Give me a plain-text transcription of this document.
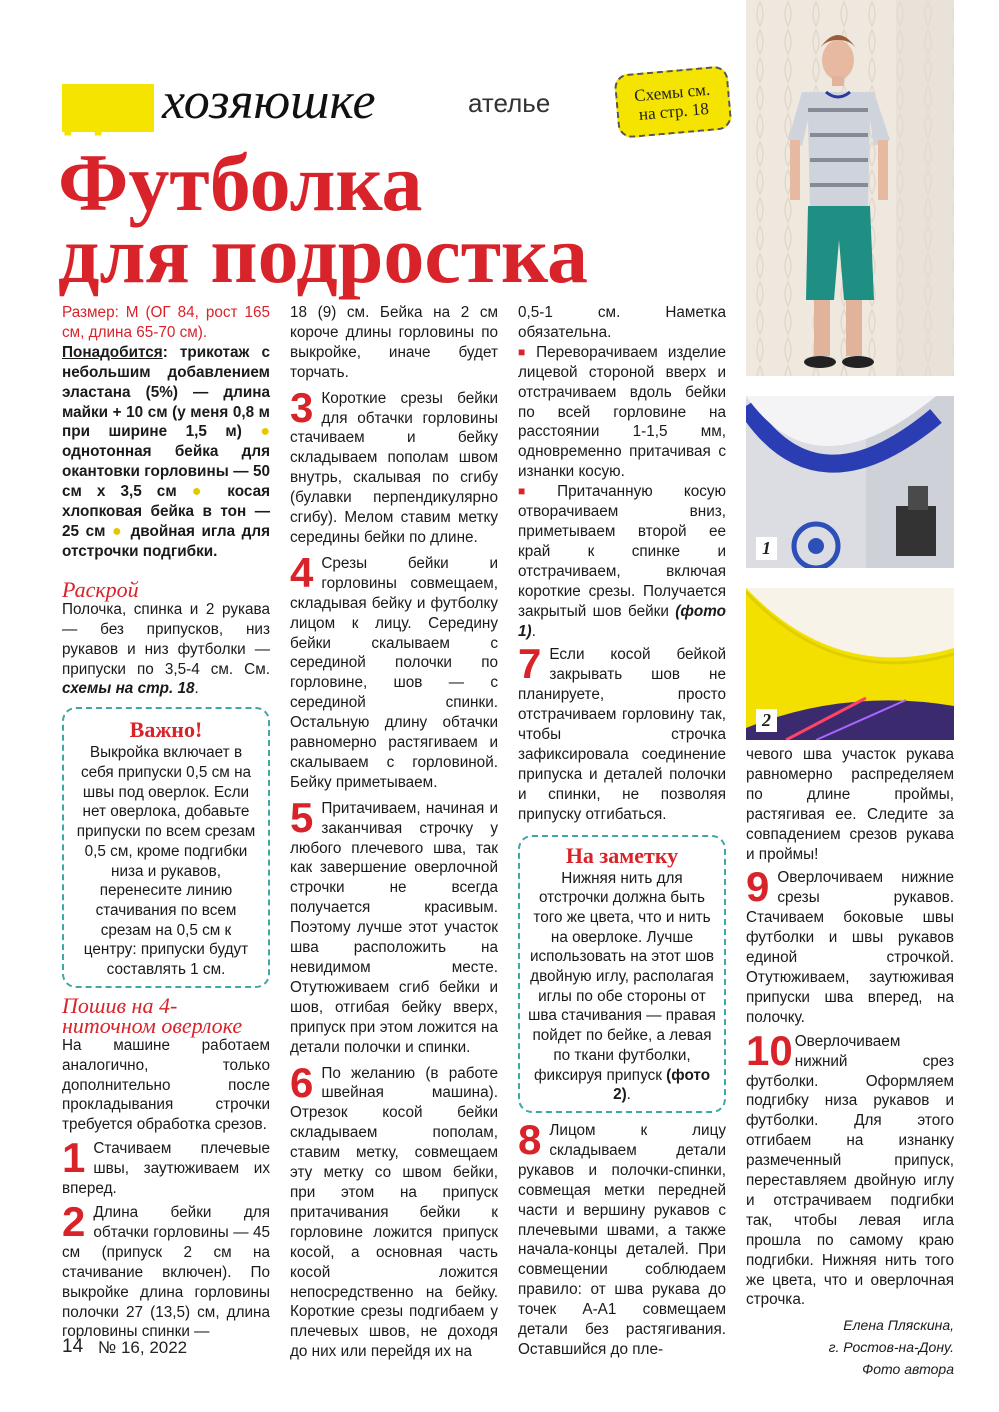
ДС хозяюшке	ателье	Схемы см. на стр. 18
Футболка
для подростка
1
2

Размер: М (ОГ 84, рост 165 см, длина 65-70 см).

Понадобится: трикотаж с небольшим добавлением эластана (5%) — длина майки + 10 см (у меня 0,8 м при ширине 1,5 м) ● однотонная бейка для окантовки горловины — 50 см х 3,5 см ● косая хлопковая бейка в тон — 25 см ● двойная игла для отстрочки подгибки.

Раскрой

Полочка, спинка и 2 рукава — без припусков, низ рукавов и низ футболки — припуски по 3,5-4 см. См. схемы на стр. 18.

Важно!
Выкройка включает в себя припуски 0,5 см на швы под оверлок. Если нет оверлока, добавьте припуски по всем срезам 0,5 см, кроме подгибки низа и рукавов, перенесите линию стачивания по всем срезам на 0,5 см к центру: припуски будут составлять 1 см.
Пошив на 4-ниточном оверлоке

На машине работаем аналогично, только дополнительно после прокладывания строчки требуется обработка срезов.

1 Стачиваем плечевые швы, заутюживаем их вперед.

2 Длина бейки для обтачки горловины — 45 см (припуск 2 см на стачивание включен). По выкройке длина горловины полочки 27 (13,5) см, длина горловины спинки —

18 (9) см. Бейка на 2 см короче длины горловины по выкройке, иначе будет торчать.

3 Короткие срезы бейки для обтачки горловины стачиваем и бейку складываем пополам швом внутрь, скалывая по сгибу (булавки перпендикулярно сгибу). Мелом ставим метку середины бейки по длине.

4 Срезы бейки и горловины совмещаем, складывая бейку и футболку лицом к лицу. Середину бейки скалываем с серединой полочки по горловине, шов — с серединой спинки. Остальную длину обтачки равномерно растягиваем и скалываем с горловиной. Бейку приметываем.

5 Притачиваем, начиная и заканчивая строчку у любого плечевого шва, так как завершение оверлочной строчки не всегда получается красивым. Поэтому лучше этот участок шва расположить на невидимом месте. Отутюживаем сгиб бейки и шов, отгибая бейку вверх, припуск при этом ложится на детали полочки и спинки.

6 По желанию (в работе швейная машина). Отрезок косой бейки складываем пополам, ставим метку, совмещаем эту метку со швом бейки, при этом на припуск притачивания бейки к горловине ложится припуск косой, а основная часть косой ложится непосредственно на бейку. Короткие срезы подгибаем у плечевых швов, не доходя до них или перейдя их на

0,5-1 см. Наметка обязательна.

■ Переворачиваем изделие лицевой стороной вверх и отстрачиваем вдоль бейки по всей горловине на расстоянии 1-1,5 мм, одновременно притачивая с изнанки косую.

■ Притачанную косую отворачиваем вниз, приметываем второй ее край к спинке и отстрачиваем, включая короткие срезы. Получается закрытый шов бейки (фото 1).

7 Если косой бейкой закрывать шов не планируете, просто отстрачиваем горловину так, чтобы строчка зафиксировала соединение припуска и деталей полочки и спинки, не позволяя припуску отгибаться.

На заметку
Нижняя нить для отстрочки должна быть того же цвета, что и нить на оверлоке. Лучше использовать на этот шов двойную иглу, располагая иглы по обе стороны от шва стачивания — правая пойдет по бейке, а левая по ткани футболки, фиксируя припуск (фото 2).

8 Лицом к лицу складываем детали рукавов и полочки-спинки, совмещая метки передней части и вершину рукавов с плечевыми швами, а также начала-концы деталей. При совмещении соблюдаем правило: от шва рукава до точек А-А1 совмещаем детали без растягивания. Оставшийся до пле-

чевого шва участок рукава равномерно распределяем по длине проймы, растягивая ее. Следите за совпадением срезов рукава и проймы!

9 Оверлочиваем нижние срезы рукавов. Стачиваем боковые швы футболки и швы рукавов единой строчкой. Отутюживаем, заутюживая припуски шва вперед, на полочку.

10 Оверлочиваем нижний срез футболки. Оформляем подгибку низа рукавов и футболки. Для этого отгибаем на изнанку размеченный припуск, переставляем двойную иглу и отстрачиваем подгибки так, чтобы левая игла прошла по самому краю подгибки. Нижняя нить того же цвета, что и оверлочная строчка.

Елена Пляскина,
г. Ростов-на-Дону.
Фото автора
14 № 16, 2022
